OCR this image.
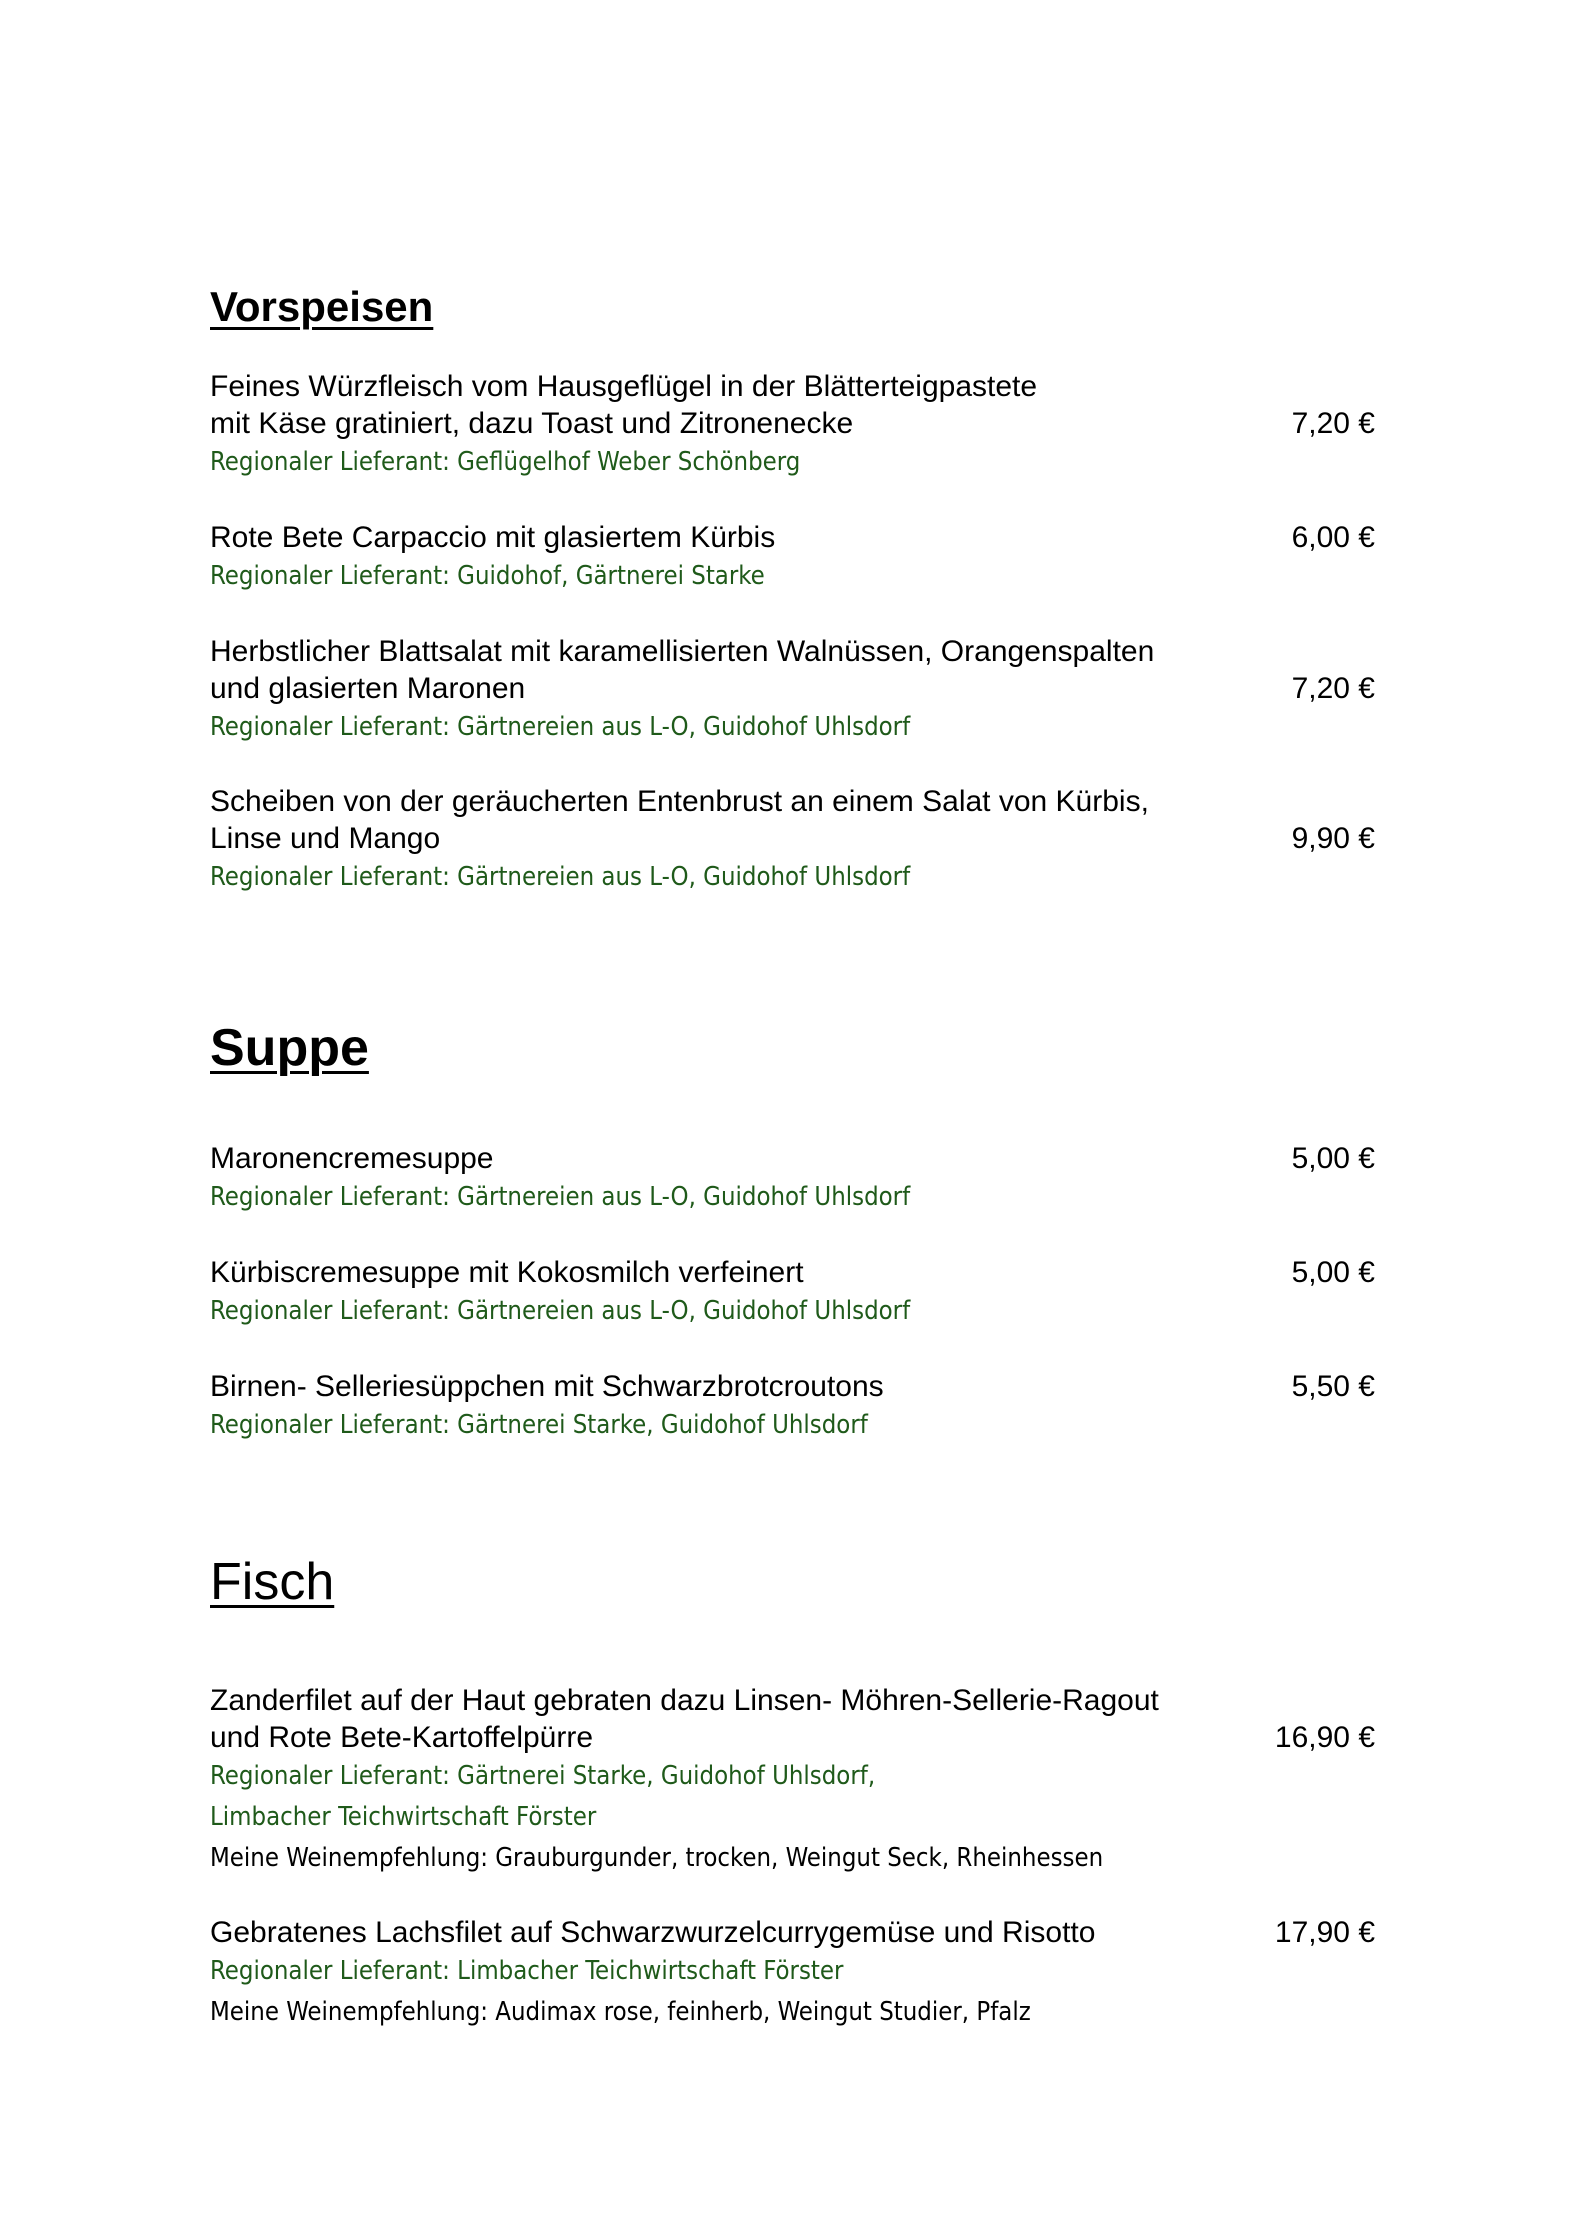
Vorspeisen
Feines Würzfleisch vom Hausgeflügel in der Blätterteigpastete
mit Käse gratiniert, dazu Toast und Zitronenecke	7,20 €
Regionaler Lieferant: Geflügelhof Weber Schönberg
Rote Bete Carpaccio mit glasiertem Kürbis	6,00 €
Regionaler Lieferant: Guidohof, Gärtnerei Starke
Herbstlicher Blattsalat mit karamellisierten Walnüssen, Orangenspalten
und glasierten Maronen	7,20 €
Regionaler Lieferant: Gärtnereien aus L-O, Guidohof Uhlsdorf
Scheiben von der geräucherten Entenbrust an einem Salat von Kürbis,
Linse und Mango	9,90 €
Regionaler Lieferant: Gärtnereien aus L-O, Guidohof Uhlsdorf
Suppe
Maronencremesuppe	5,00 €
Regionaler Lieferant: Gärtnereien aus L-O, Guidohof Uhlsdorf
Kürbiscremesuppe mit Kokosmilch verfeinert	5,00 €
Regionaler Lieferant: Gärtnereien aus L-O, Guidohof Uhlsdorf
Birnen- Selleriesüppchen mit Schwarzbrotcroutons	5,50 €
Regionaler Lieferant: Gärtnerei Starke, Guidohof Uhlsdorf
Fisch
Zanderfilet auf der Haut gebraten dazu Linsen- Möhren-Sellerie-Ragout
und Rote Bete-Kartoffelpürre	16,90 €
Regionaler Lieferant: Gärtnerei Starke, Guidohof Uhlsdorf,
Limbacher Teichwirtschaft Förster
Meine Weinempfehlung: Grauburgunder, trocken, Weingut Seck, Rheinhessen
Gebratenes Lachsfilet auf Schwarzwurzelcurrygemüse und Risotto	17,90 €
Regionaler Lieferant: Limbacher Teichwirtschaft Förster
Meine Weinempfehlung: Audimax rose, feinherb, Weingut Studier, Pfalz
